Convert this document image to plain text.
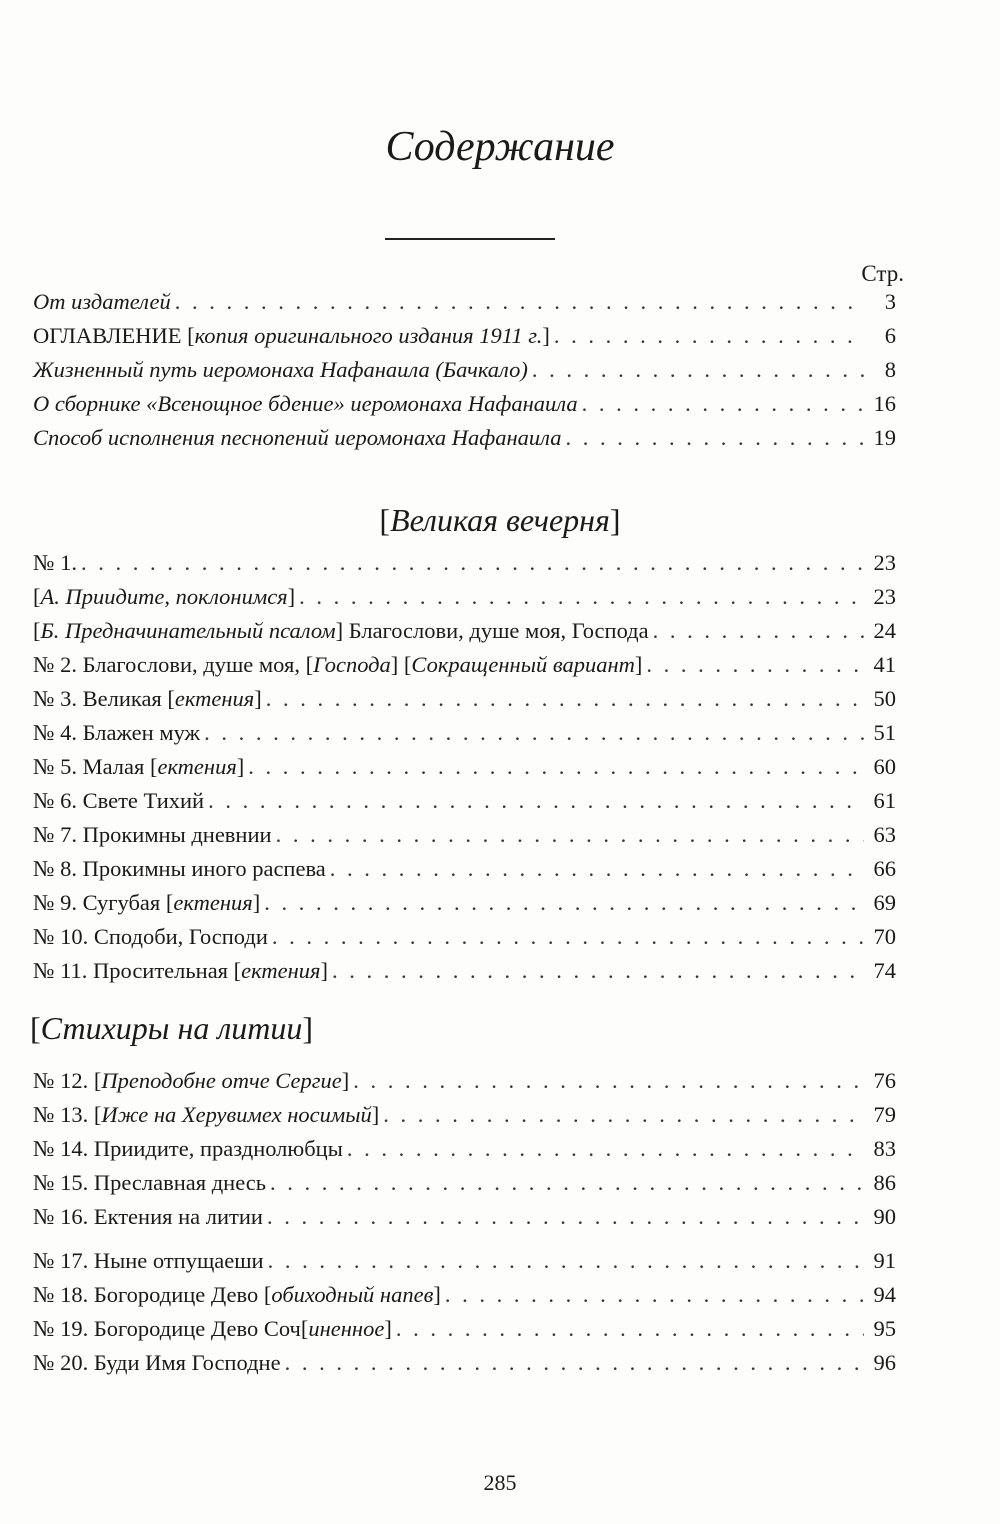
Содержание
Стр.
От издателей . . .	3
ОГЛАВЛЕНИЕ [копия оригинального издания 1911 г.] . . .	6
Жизненный путь иеромонаха Нафанаила (Бачкало) . . .	8
О сборнике «Всенощное бдение» иеромонаха Нафанаила . . .	16
Способ исполнения песнопений иеромонаха Нафанаила . . .	19
[Великая вечерня]
№ 1. . . .	23
[А. Приидите, поклонимся] . . .	23
[Б. Предначинательный псалом] Благослови, душе моя, Господа . . .	24
№ 2. Благослови, душе моя, [Господа] [Сокращенный вариант] . . .	41
№ 3. Великая [ектения] . . .	50
№ 4. Блажен муж . . .	51
№ 5. Малая [ектения] . . .	60
№ 6. Свете Тихий . . .	61
№ 7. Прокимны дневнии . . .	63
№ 8. Прокимны иного распева . . .	66
№ 9. Сугубая [ектения] . . .	69
№ 10. Сподоби, Господи . . .	70
№ 11. Просительная [ектения] . . .	74
[Стихиры на литии]
№ 12. [Преподобне отче Сергие] . . .	76
№ 13. [Иже на Херувимех носимый] . . .	79
№ 14. Приидите, празднолюбцы . . .	83
№ 15. Преславная днесь . . .	86
№ 16. Ектения на литии . . .	90
№ 17. Ныне отпущаеши . . .	91
№ 18. Богородице Дево [обиходный напев] . . .	94
№ 19. Богородице Дево Соч[иненное] . . .	95
№ 20. Буди Имя Господне . . .	96
285
